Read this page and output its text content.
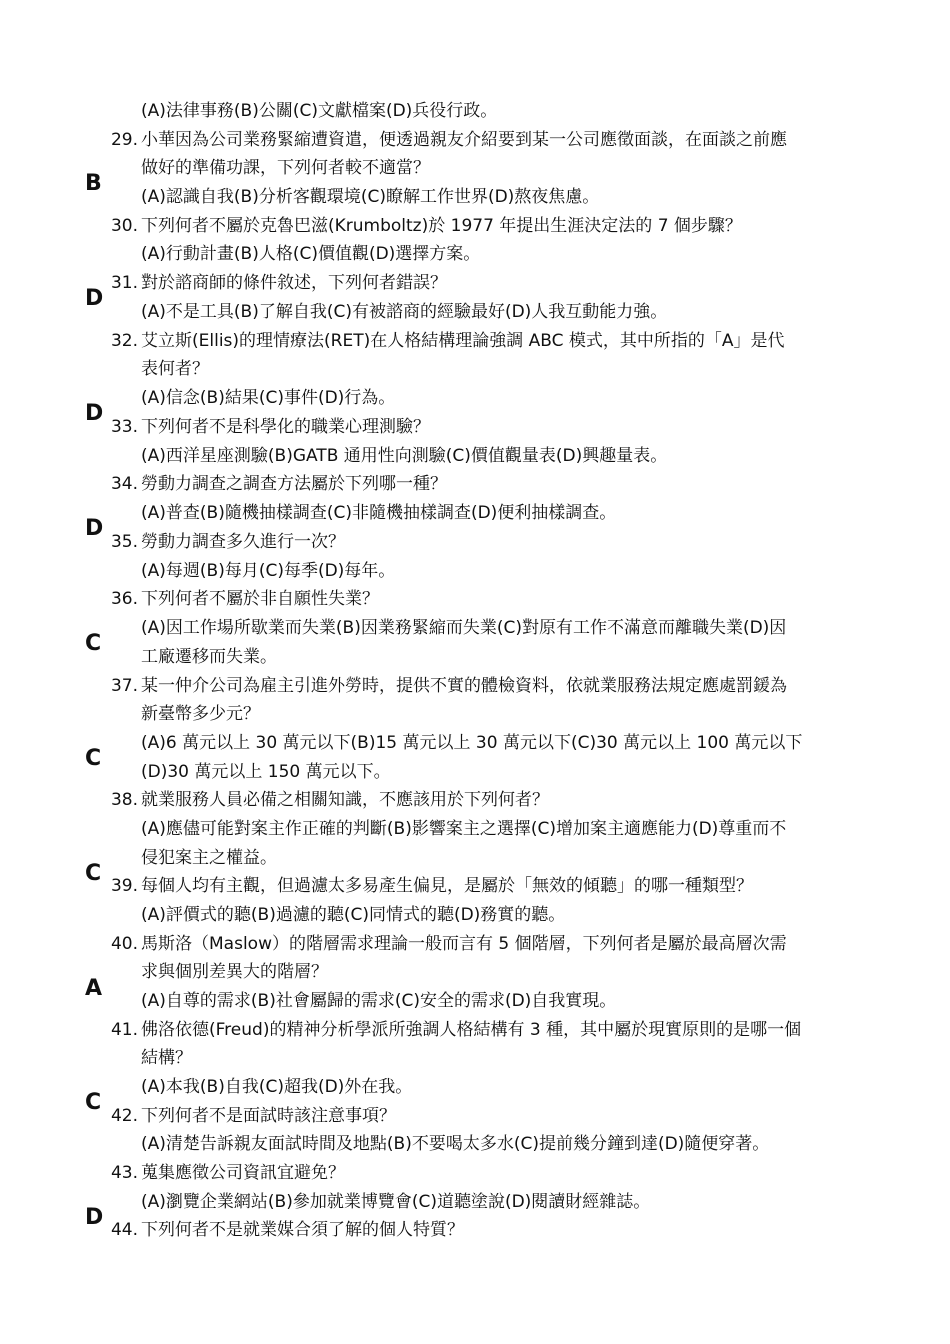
(A)法律事務(B)公關(C)文獻檔案(D)兵役行政。
29. 小華因為公司業務緊縮遭資遣，便透過親友介紹要到某一公司應徵面談，在面談之前應
做好的準備功課，下列何者較不適當？
B
(A)認識自我(B)分析客觀環境(C)瞭解工作世界(D)熬夜焦慮。
30. 下列何者不屬於克魯巴滋(Krumboltz)於 1977 年提出生涯決定法的 7 個步驟？
(A)行動計畫(B)人格(C)價值觀(D)選擇方案。
D
31. 對於諮商師的條件敘述，下列何者錯誤？
(A)不是工具(B)了解自我(C)有被諮商的經驗最好(D)人我互動能力強。
32. 艾立斯(Ellis)的理情療法(RET)在人格結構理論強調 ABC 模式，其中所指的「A」是代
表何者？
(A)信念(B)結果(C)事件(D)行為。
D
33. 下列何者不是科學化的職業心理測驗？
(A)西洋星座測驗(B)GATB 通用性向測驗(C)價值觀量表(D)興趣量表。
34. 勞動力調查之調查方法屬於下列哪一種？
(A)普查(B)隨機抽樣調查(C)非隨機抽樣調查(D)便利抽樣調查。
D
35. 勞動力調查多久進行一次？
(A)每週(B)每月(C)每季(D)每年。
36. 下列何者不屬於非自願性失業？
(A)因工作場所歇業而失業(B)因業務緊縮而失業(C)對原有工作不滿意而離職失業(D)因
C
工廠遷移而失業。
37. 某一仲介公司為雇主引進外勞時，提供不實的體檢資料，依就業服務法規定應處罰鍰為
新臺幣多少元？
(A)6 萬元以上 30 萬元以下(B)15 萬元以上 30 萬元以下(C)30 萬元以上 100 萬元以下
C
(D)30 萬元以上 150 萬元以下。
38. 就業服務人員必備之相關知識，不應該用於下列何者？
(A)應儘可能對案主作正確的判斷(B)影響案主之選擇(C)增加案主適應能力(D)尊重而不
侵犯案主之權益。
C 39. 每個人均有主觀，但過濾太多易產生偏見，是屬於「無效的傾聽」的哪一種類型？
(A)評價式的聽(B)過濾的聽(C)同情式的聽(D)務實的聽。
40. 馬斯洛（Maslow）的階層需求理論一般而言有 5 個階層，下列何者是屬於最高層次需
求與個別差異大的階層？
A (A)自尊的需求(B)社會屬歸的需求(C)安全的需求(D)自我實現。
41. 佛洛依德(Freud)的精神分析學派所強調人格結構有 3 種，其中屬於現實原則的是哪一個
結構？
(A)本我(B)自我(C)超我(D)外在我。
C
42. 下列何者不是面試時該注意事項？
(A)清楚告訴親友面試時間及地點(B)不要喝太多水(C)提前幾分鐘到達(D)隨便穿著。
43. 蒐集應徵公司資訊宜避免？
(A)瀏覽企業網站(B)參加就業博覽會(C)道聽塗說(D)閱讀財經雜誌。
D 44. 下列何者不是就業媒合須了解的個人特質？
